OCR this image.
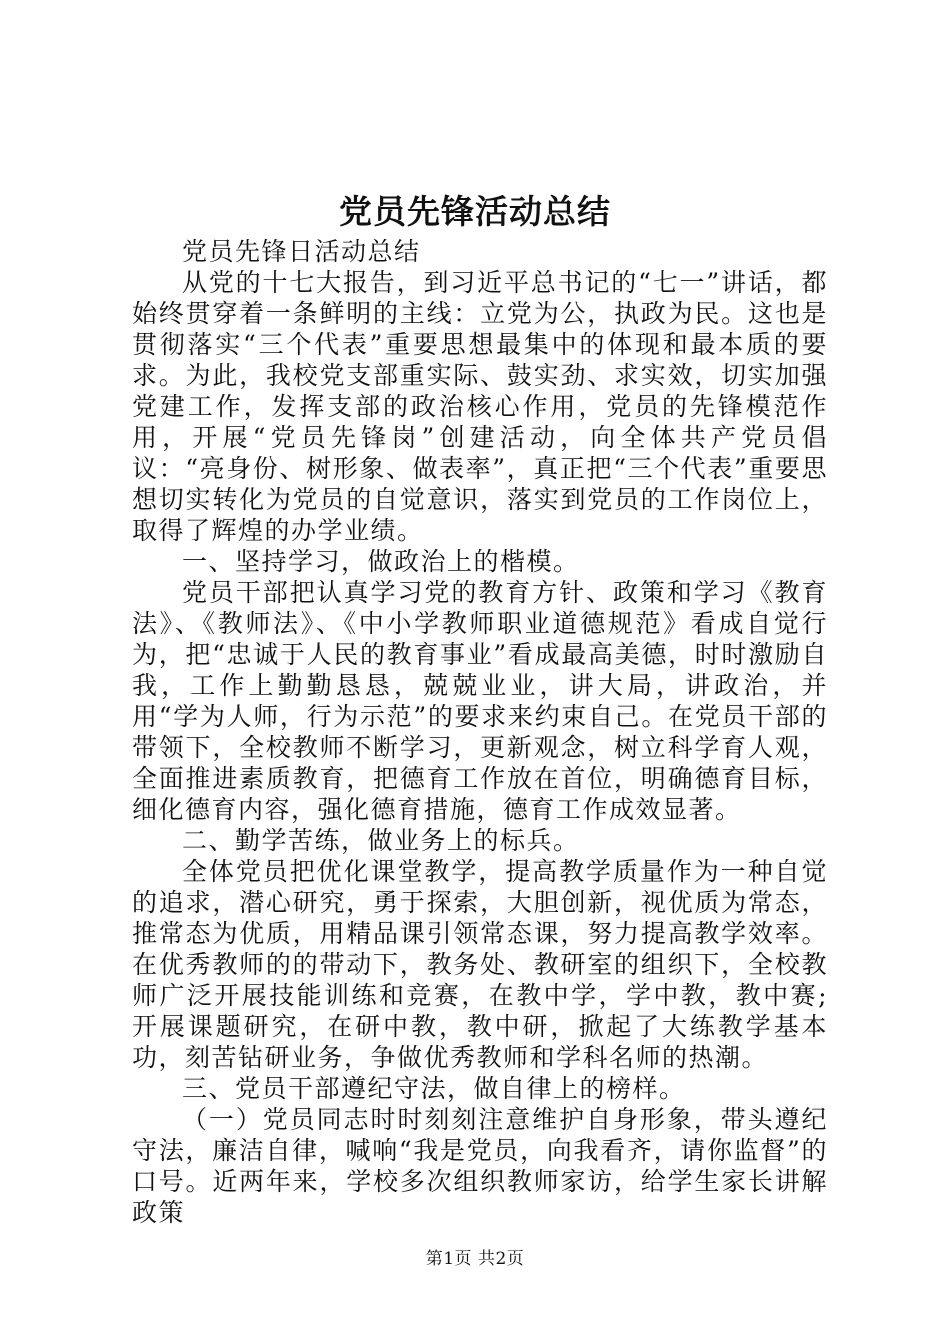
党员先锋活动总结

党员先锋日活动总结

从党的十七大报告，到习近平总书记的“七一”讲话，都始终贯穿着一条鲜明的主线：立党为公，执政为民。这也是贯彻落实“三个代表”重要思想最集中的体现和最本质的要求。为此，我校党支部重实际、鼓实劲、求实效，切实加强党建工作，发挥支部的政治核心作用，党员的先锋模范作用，开展“党员先锋岗”创建活动，向全体共产党员倡议：“亮身份、树形象、做表率”，真正把“三个代表”重要思想切实转化为党员的自觉意识，落实到党员的工作岗位上，取得了辉煌的办学业绩。

一、坚持学习，做政治上的楷模。

党员干部把认真学习党的教育方针、政策和学习《教育法》、《教师法》、《中小学教师职业道德规范》看成自觉行为，把“忠诚于人民的教育事业”看成最高美德，时时激励自我，工作上勤勤恳恳，兢兢业业，讲大局，讲政治，并用“学为人师，行为示范”的要求来约束自己。在党员干部的带领下，全校教师不断学习，更新观念，树立科学育人观，全面推进素质教育，把德育工作放在首位，明确德育目标，细化德育内容，强化德育措施，德育工作成效显著。

二、勤学苦练，做业务上的标兵。

全体党员把优化课堂教学，提高教学质量作为一种自觉的追求，潜心研究，勇于探索，大胆创新，视优质为常态，推常态为优质，用精品课引领常态课，努力提高教学效率。在优秀教师的的带动下，教务处、教研室的组织下，全校教师广泛开展技能训练和竞赛，在教中学，学中教，教中赛;开展课题研究，在研中教，教中研，掀起了大练教学基本功，刻苦钻研业务，争做优秀教师和学科名师的热潮。

三、党员干部遵纪守法，做自律上的榜样。

（一）党员同志时时刻刻注意维护自身形象，带头遵纪守法，廉洁自律，喊响“我是党员，向我看齐，请你监督”的口号。近两年来，学校多次组织教师家访，给学生家长讲解政策

第1页 共2页
